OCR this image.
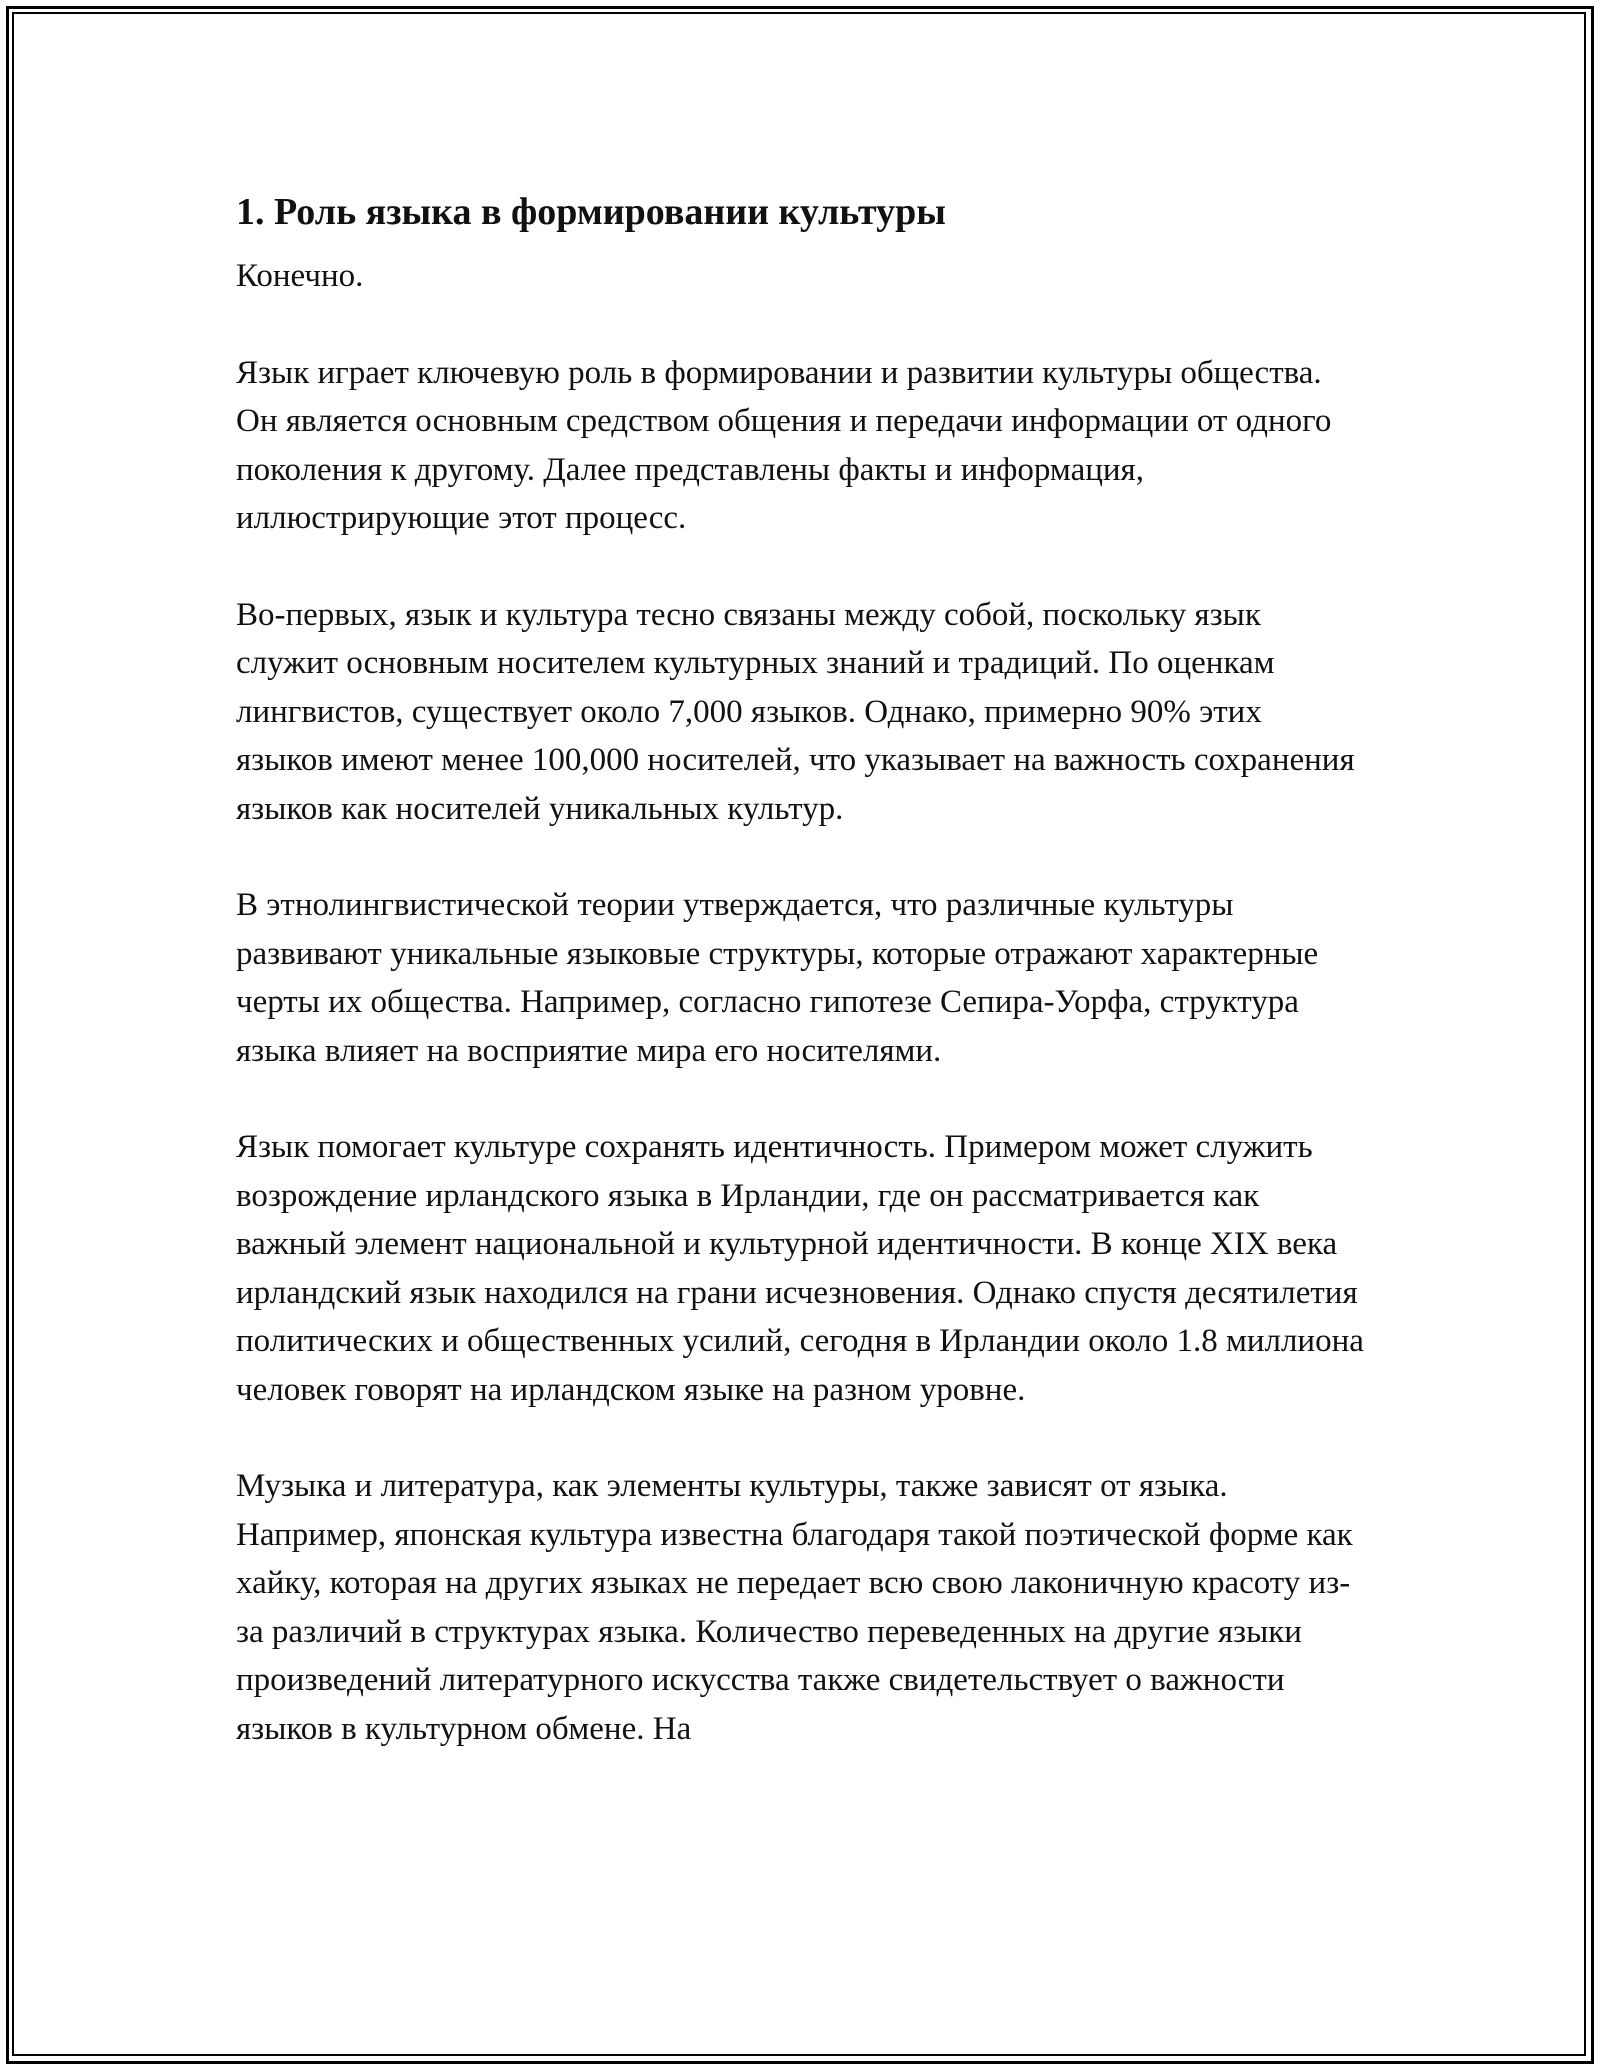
1. Роль языка в формировании культуры

Конечно.

Язык играет ключевую роль в формировании и развитии культуры общества. Он является основным средством общения и передачи информации от одного поколения к другому. Далее представлены факты и информация, иллюстрирующие этот процесс.

Во-первых, язык и культура тесно связаны между собой, поскольку язык служит основным носителем культурных знаний и традиций. По оценкам лингвистов, существует около 7,000 языков. Однако, примерно 90% этих языков имеют менее 100,000 носителей, что указывает на важность сохранения языков как носителей уникальных культур.

В этнолингвистической теории утверждается, что различные культуры развивают уникальные языковые структуры, которые отражают характерные черты их общества. Например, согласно гипотезе Сепира-Уорфа, структура языка влияет на восприятие мира его носителями.

Язык помогает культуре сохранять идентичность. Примером может служить возрождение ирландского языка в Ирландии, где он рассматривается как важный элемент национальной и культурной идентичности. В конце XIX века ирландский язык находился на грани исчезновения. Однако спустя десятилетия политических и общественных усилий, сегодня в Ирландии около 1.8 миллиона человек говорят на ирландском языке на разном уровне.

Музыка и литература, как элементы культуры, также зависят от языка. Например, японская культура известна благодаря такой поэтической форме как хайку, которая на других языках не передает всю свою лаконичную красоту из-за различий в структурах языка. Количество переведенных на другие языки произведений литературного искусства также свидетельствует о важности языков в культурном обмене. На
